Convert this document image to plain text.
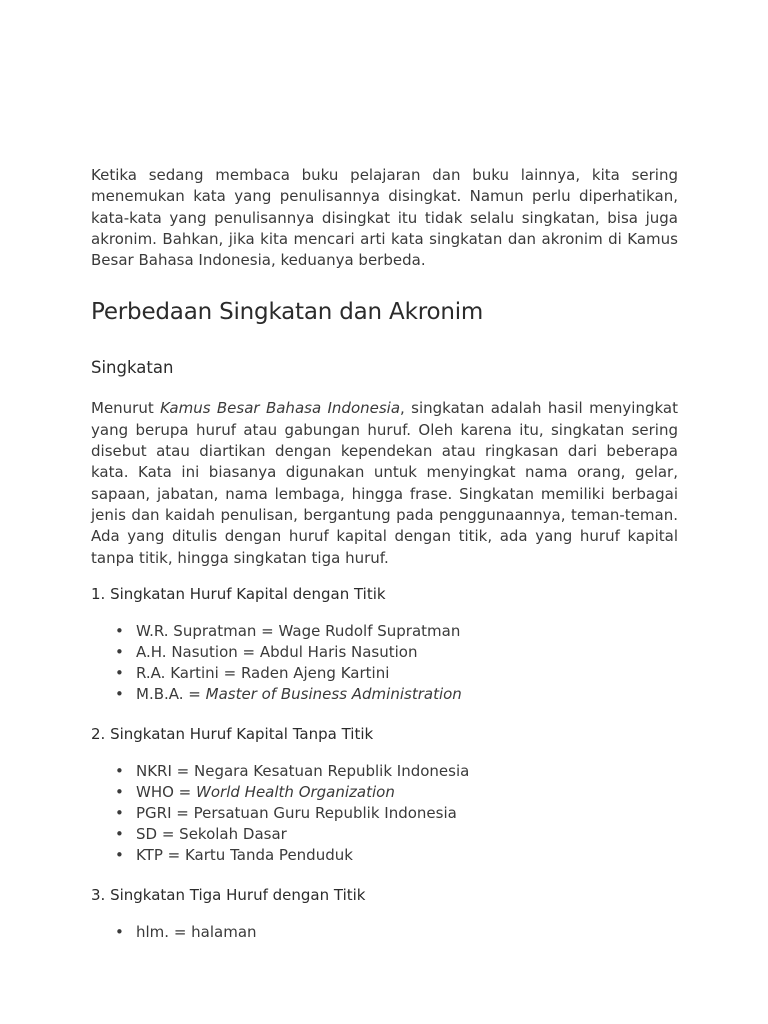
Ketika sedang membaca buku pelajaran dan buku lainnya, kita sering menemukan kata yang penulisannya disingkat. Namun perlu diperhatikan, kata-kata yang penulisannya disingkat itu tidak selalu singkatan, bisa juga akronim. Bahkan, jika kita mencari arti kata singkatan dan akronim di Kamus Besar Bahasa Indonesia, keduanya berbeda.

Perbedaan Singkatan dan Akronim
Singkatan

Menurut Kamus Besar Bahasa Indonesia, singkatan adalah hasil menyingkat yang berupa huruf atau gabungan huruf. Oleh karena itu, singkatan sering disebut atau diartikan dengan kependekan atau ringkasan dari beberapa kata. Kata ini biasanya digunakan untuk menyingkat nama orang, gelar, sapaan, jabatan, nama lembaga, hingga frase. Singkatan memiliki berbagai jenis dan kaidah penulisan, bergantung pada penggunaannya, teman-teman. Ada yang ditulis dengan huruf kapital dengan titik, ada yang huruf kapital tanpa titik, hingga singkatan tiga huruf.

1. Singkatan Huruf Kapital dengan Titik
• W.R. Supratman = Wage Rudolf Supratman
• A.H. Nasution = Abdul Haris Nasution
• R.A. Kartini = Raden Ajeng Kartini
• M.B.A. = Master of Business Administration
2. Singkatan Huruf Kapital Tanpa Titik
• NKRI = Negara Kesatuan Republik Indonesia
• WHO = World Health Organization
• PGRI = Persatuan Guru Republik Indonesia
• SD = Sekolah Dasar
• KTP = Kartu Tanda Penduduk
3. Singkatan Tiga Huruf dengan Titik
• hlm. = halaman
